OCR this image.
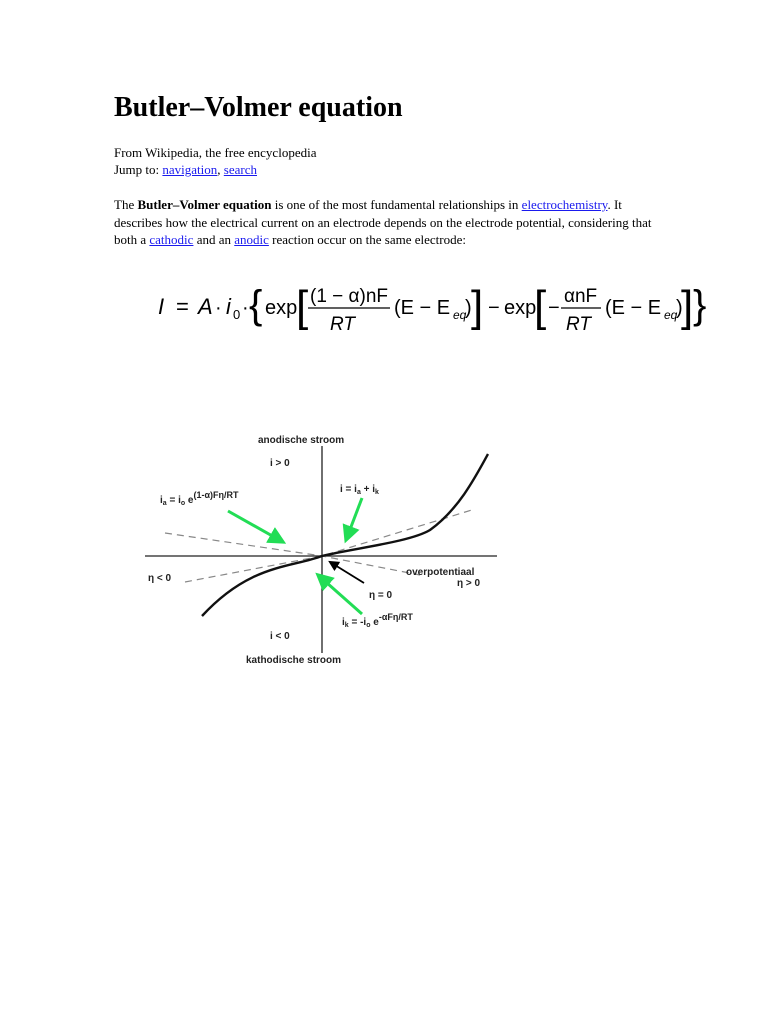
Butler–Volmer equation
From Wikipedia, the free encyclopedia
Jump to: navigation, search

The Butler–Volmer equation is one of the most fundamental relationships in electrochemistry. It describes how the electrical current on an electrode depends on the electrode potential, considering that both a cathodic and an anodic reaction occur on the same electrode:

I = A · i 0 · { exp
[ (1 − α)nF
RT
(E − E eq
) ] − exp
[ −
αnF
RT
(E − E eq
)
] }
anodische stroom
i > 0
$i_a = i_o$ e(1-α)Fη/RT	$i = i_a + i_k$
η < 0
overpotentiaal
η > 0
η = 0
$i_k = -i_o$ e-αFη/RT
i < 0
kathodische stroom
